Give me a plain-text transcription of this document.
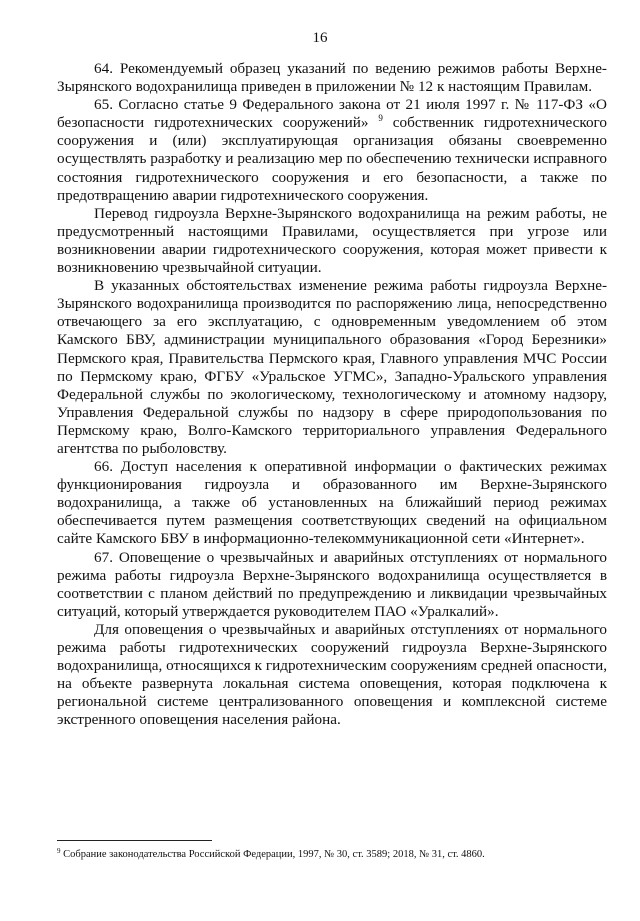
16

64. Рекомендуемый образец указаний по ведению режимов работы Верхне-Зырянского водохранилища приведен в приложении № 12 к настоящим Правилам.

65. Согласно статье 9 Федерального закона от 21 июля 1997 г. № 117-ФЗ «О безопасности гидротехнических сооружений» $^9$ собственник гидротехнического сооружения и (или) эксплуатирующая организация обязаны своевременно осуществлять разработку и реализацию мер по обеспечению технически исправного состояния гидротехнического сооружения и его безопасности, а также по предотвращению аварии гидротехнического сооружения.

Перевод гидроузла Верхне-Зырянского водохранилища на режим работы, не предусмотренный настоящими Правилами, осуществляется при угрозе или возникновении аварии гидротехнического сооружения, которая может привести к возникновению чрезвычайной ситуации.

В указанных обстоятельствах изменение режима работы гидроузла Верхне-Зырянского водохранилища производится по распоряжению лица, непосредственно отвечающего за его эксплуатацию, с одновременным уведомлением об этом Камского БВУ, администрации муниципального образования «Город Березники» Пермского края, Правительства Пермского края, Главного управления МЧС России по Пермскому краю, ФГБУ «Уральское УГМС», Западно-Уральского управления Федеральной службы по экологическому, технологическому и атомному надзору, Управления Федеральной службы по надзору в сфере природопользования по Пермскому краю, Волго-Камского территориального управления Федерального агентства по рыболовству.

66. Доступ населения к оперативной информации о фактических режимах функционирования гидроузла и образованного им Верхне-Зырянского водохранилища, а также об установленных на ближайший период режимах обеспечивается путем размещения соответствующих сведений на официальном сайте Камского БВУ в информационно-телекоммуникационной сети «Интернет».

67. Оповещение о чрезвычайных и аварийных отступлениях от нормального режима работы гидроузла Верхне-Зырянского водохранилища осуществляется в соответствии с планом действий по предупреждению и ликвидации чрезвычайных ситуаций, который утверждается руководителем ПАО «Уралкалий».

Для оповещения о чрезвычайных и аварийных отступлениях от нормального режима работы гидротехнических сооружений гидроузла Верхне-Зырянского водохранилища, относящихся к гидротехническим сооружениям средней опасности, на объекте развернута локальная система оповещения, которая подключена к региональной системе централизованного оповещения и комплексной системе экстренного оповещения населения района.

$^9$ Собрание законодательства Российской Федерации, 1997, № 30, ст. 3589; 2018, № 31, ст. 4860.
